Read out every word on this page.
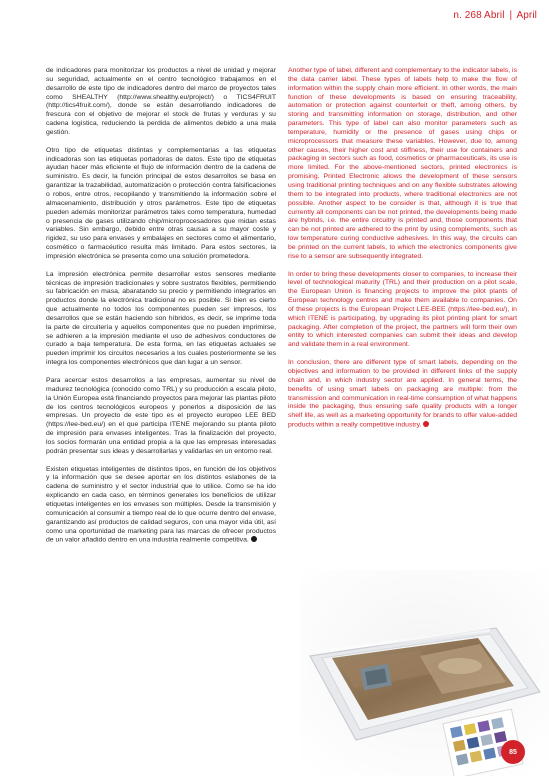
n. 268 Abril | April

de indicadores para monitorizar los productos a nivel de unidad y mejorar su seguridad, actualmente en el centro tecnológico trabajamos en el desarrollo de este tipo de indicadores dentro del marco de proyectos tales como SHEALTHY (http://www.shealthy.eu/project/) o TICS4FRUIT (http://tics4fruit.com/), donde se están desarrollando indicadores de frescura con el objetivo de mejorar el stock de frutas y verduras y su cadena logística, reduciendo la perdida de alimentos debido a una mala gestión.

Otro tipo de etiquetas distintas y complementarias a las etiquetas indicadoras son las etiquetas portadoras de datos. Este tipo de etiquetas ayudan hacer más eficiente el flujo de información dentro de la cadena de suministro. Es decir, la función principal de estos desarrollos se basa en garantizar la trazabilidad, automatización o protección contra falsificaciones o robos, entre otros, recopilando y transmitiendo la información sobre el almacenamiento, distribución y otros parámetros. Este tipo de etiquetas pueden además monitorizar parámetros tales como temperatura, humedad o presencia de gases utilizando chip/microprocesadores que midan estas variables. Sin embargo, debido entre otras causas a su mayor coste y rigidez, su uso para envases y embalajes en sectores como el alimentario, cosmético o farmacéutico resulta más limitado. Para estos sectores, la impresión electrónica se presenta como una solución prometedora.

La impresión electrónica permite desarrollar estos sensores mediante técnicas de impresión tradicionales y sobre sustratos flexibles, permitiendo su fabricación en masa, abaratando su precio y permitiendo integrarlos en productos donde la electrónica tradicional no es posible. Si bien es cierto que actualmente no todos los componentes pueden ser impresos, los desarrollos que se están haciendo son híbridos, es decir, se imprime toda la parte de circuitería y aquellos componentes que no pueden imprimirse, se adhieren a la impresión mediante el uso de adhesivos conductores de curado a baja temperatura. De esta forma, en las etiquetas actuales se pueden imprimir los circuitos necesarios a los cuales posteriormente se les integra los componentes electrónicos que dan lugar a un sensor.

Para acercar estos desarrollos a las empresas, aumentar su nivel de madurez tecnológica (conocido como TRL) y su producción a escala piloto, la Unión Europea está financiando proyectos para mejorar las plantas piloto de los centros tecnológicos europeos y ponerlos a disposición de las empresas. Un proyecto de este tipo es el proyecto europeo LEE BED (https://lee-bed.eu/) en el que participa ITENE mejorando su planta piloto de impresión para envases inteligentes. Tras la finalización del proyecto, los socios formarán una entidad propia a la que las empresas interesadas podrán presentar sus ideas y desarrollarlas y validarlas en un entorno real.

Existen etiquetas inteligentes de distintos tipos, en función de los objetivos y la información que se desee aportar en los distintos eslabones de la cadena de suministro y el sector industrial que lo utilice. Como se ha ido explicando en cada caso, en términos generales los beneficios de utilizar etiquetas inteligentes en los envases son múltiples. Desde la transmisión y comunicación al consumir a tiempo real de lo que ocurre dentro del envase, garantizando así productos de calidad seguros, con una mayor vida útil, así como una oportunidad de marketing para las marcas de ofrecer productos de un valor añadido dentro en una industria realmente competitiva.

Another type of label, different and complementary to the indicator labels, is the data carrier label. These types of labels help to make the flow of information within the supply chain more efficient. In other words, the main function of these developments is based on ensuring traceability, automation or protection against counterfeit or theft, among others, by storing and transmitting information on storage, distribution, and other parameters. This type of label can also monitor parameters such as temperature, humidity or the presence of gases using chips or microprocessors that measure these variables. However, due to, among other causes, their higher cost and stiffness, their use for containers and packaging in sectors such as food, cosmetics or pharmaceuticals, its use is more limited. For the above-mentioned sectors, printed electronics is promising. Printed Electronic allows the development of these sensors using traditional printing techniques and on any flexible substrates allowing them to be integrated into products, where traditional electronics are not possible. Another aspect to be consider is that, although it is true that currently all components can be not printed, the developments being made are hybrids, i.e. the entire circuitry is printed and, those components that can be not printed are adhered to the print by using complements, such as low temperature curing conductive adhesives. In this way, the circuits can be printed on the current labels, to which the electronics components give rise to a sensor are subsequently integrated.

In order to bring these developments closer to companies, to increase their level of technological maturity (TRL) and their production on a pilot scale, the European Union is financing projects to improve the pilot plants of European technology centres and make them available to companies. On of these projects is the European Project LEE-BEE (https://lee-bed.eu/), in which ITENE is participating, by upgrading its pilot printing plant for smart packaging. After completion of the project, the partners will form their own entity to which interested companies can submit their ideas and develop and validate them in a real environment.

In conclusion, there are different type of smart labels, depending on the objectives and information to be provided in different links of the supply chain and, in which industry sector are applied. In general terms, the benefits of using smart labels on packaging are multiple: from the transmission and communication in real-time consumption of what happens inside the packaging, thus ensuring safe quality products with a longer shelf life, as well as a marketing opportunity for brands to offer value-added products within a really competitive industry.

85
